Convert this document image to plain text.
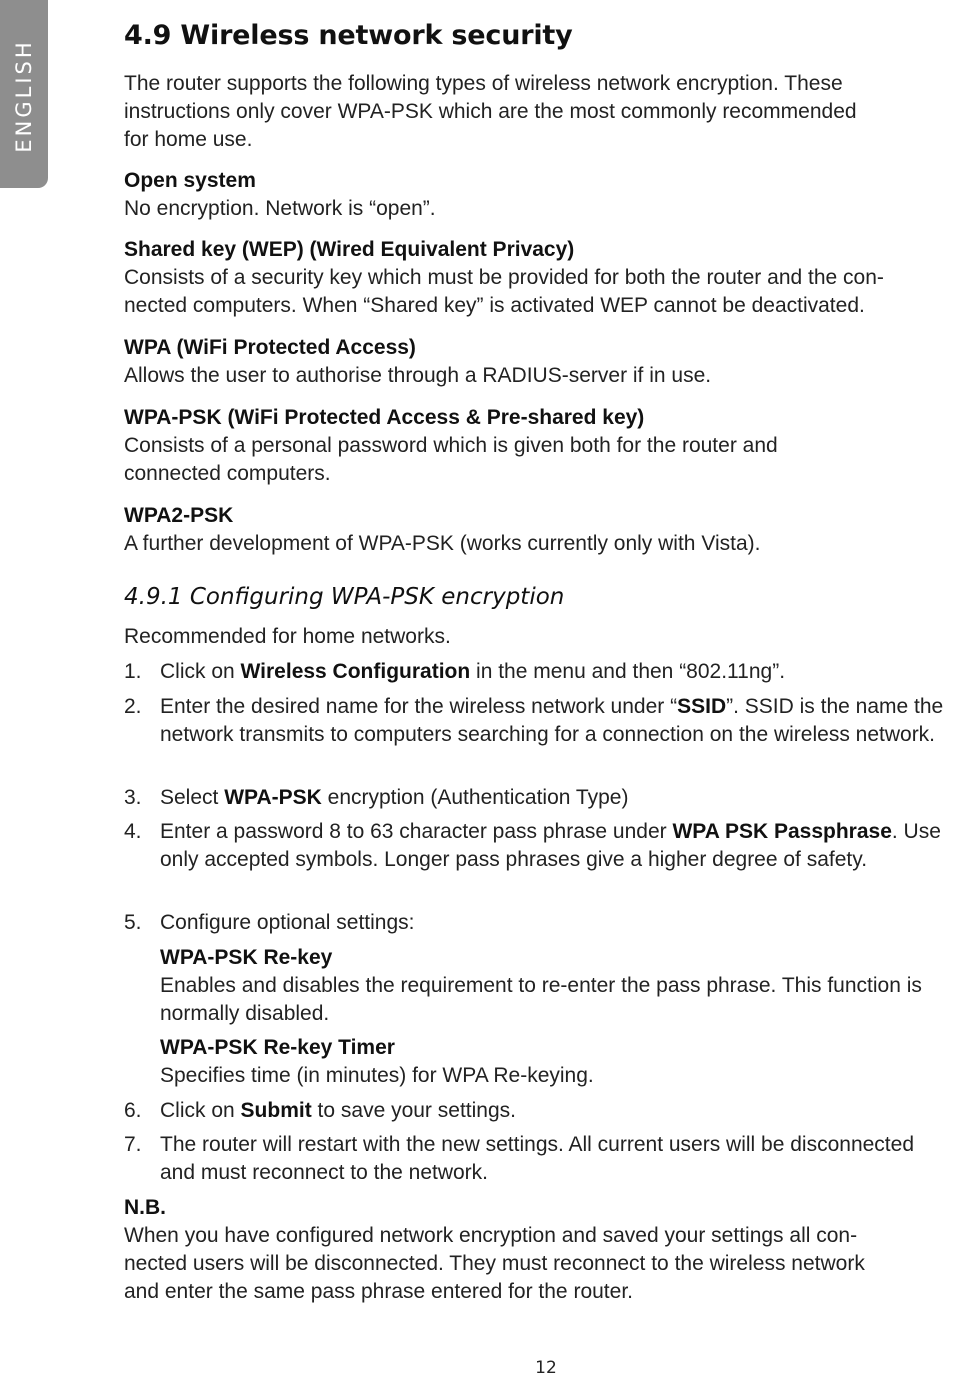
ENGLISH
4.9 Wireless network security

The router supports the following types of wireless network encryption. These

instructions only cover WPA-PSK which are the most commonly recommended

for home use.

Open system

No encryption. Network is “open”.

Shared key (WEP) (Wired Equivalent Privacy)

Consists of a security key which must be provided for both the router and the con-

nected computers. When “Shared key” is activated WEP cannot be deactivated.

WPA (WiFi Protected Access)

Allows the user to authorise through a RADIUS-server if in use.

WPA-PSK (WiFi Protected Access & Pre-shared key)

Consists of a personal password which is given both for the router and

connected computers.

WPA2-PSK

A further development of WPA-PSK (works currently only with Vista).

4.9.1 Configuring WPA-PSK encryption

Recommended for home networks.

1. Click on Wireless Configuration in the menu and then “802.11ng”.
2. Enter the desired name for the wireless network under “SSID”. SSID is the name the network transmits to computers searching for a connection on the wireless network.
3. Select WPA-PSK encryption (Authentication Type)
4. Enter a password 8 to 63 character pass phrase under WPA PSK Passphrase. Use only accepted symbols. Longer pass phrases give a higher degree of safety.
5. Configure optional settings:

WPA-PSK Re-key

Enables and disables the requirement to re-enter the pass phrase. This function is normally disabled.

WPA-PSK Re-key Timer

Specifies time (in minutes) for WPA Re-keying.

6. Click on Submit to save your settings.
7. The router will restart with the new settings. All current users will be disconnected and must reconnect to the network.

N.B.

When you have configured network encryption and saved your settings all con-

nected users will be disconnected. They must reconnect to the wireless network

and enter the same pass phrase entered for the router.

12
